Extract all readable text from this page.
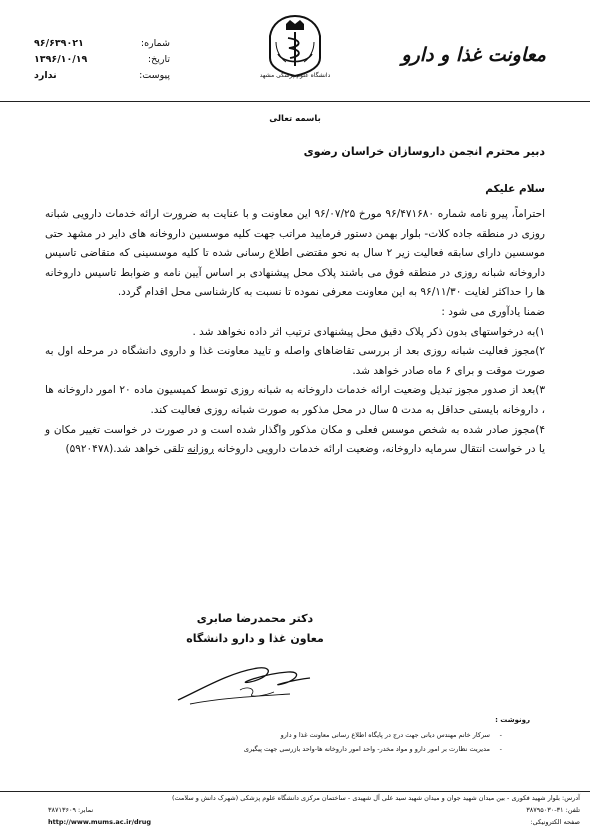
شماره:
۹۶/۶۳۹۰۲۱
تاریخ:
۱۳۹۶/۱۰/۱۹
پیوست:
ندارد	دانشگاه علوم پزشکی مشهد
معاونت غذا و دارو
باسمه تعالی
دبیر محترم انجمن داروسازان خراسان رضوی
سلام علیکم

احتراماً، پیرو نامه شماره ۹۶/۴۷۱۶۸۰ مورخ ۹۶/۰۷/۲۵ این معاونت و با عنایت به ضرورت ارائه خدمات دارویی شبانه روزی در منطقه جاده کلات- بلوار بهمن دستور فرمایید مراتب جهت کلیه موسسین داروخانه های دایر در مشهد حتی موسسین دارای سابقه فعالیت زیر ۲ سال به نحو مقتضی اطلاع رسانی شده تا کلیه موسسینی که متقاضی تاسیس داروخانه شبانه روزی در منطقه فوق می باشند پلاک محل پیشنهادی بر اساس آیین نامه و ضوابط تاسیس داروخانه ها را حداکثر لغایت ۹۶/۱۱/۳۰ به این معاونت معرفی نموده تا نسبت به کارشناسی محل اقدام گردد.

ضمنا یادآوری می شود :

۱)به درخواستهای بدون ذکر پلاک دقیق محل پیشنهادی ترتیب اثر داده نخواهد شد .

۲)مجوز فعالیت شبانه روزی بعد از بررسی تقاضاهای واصله و تایید معاونت غذا و داروی دانشگاه در مرحله اول به صورت موقت و برای ۶ ماه صادر خواهد شد.

۳)بعد از صدور مجوز تبدیل وضعیت ارائه خدمات داروخانه به شبانه روزی توسط کمیسیون ماده ۲۰ امور داروخانه ها ، داروخانه بایستی حداقل به مدت ۵ سال در محل مذکور به صورت شبانه روزی فعالیت کند.

۴)مجوز صادر شده به شخص موسس فعلی و مکان مذکور واگذار شده است و در صورت در خواست تغییر مکان و یا در خواست انتقال سرمایه داروخانه، وضعیت ارائه خدمات دارویی داروخانه روزانه تلقی خواهد شد.(۵۹۲۰۴۷۸)

دکتر محمدرضا صابری
معاون غذا و دارو دانشگاه
رونوشت :
-
سرکار خانم مهندس دیانی جهت درج در پایگاه اطلاع رسانی معاونت غذا و دارو
-
مدیریت نظارت بر امور دارو و مواد مخدر- واحد امور داروخانه ها-واحد بازرسی جهت پیگیری
آدرس: بلوار شهید فکوری - بین میدان شهید جوان و میدان شهید سید علی آل شهیدی - ساختمان مرکزی دانشگاه علوم پزشکی (شهرک دانش و سلامت)
تلفن: ۳۱-۳۸۷۹۵۰۳۰
نمابر: ۳۸۷۱۳۶۰۹
صفحه الکترونیکی:
http://www.mums.ac.ir/drug
